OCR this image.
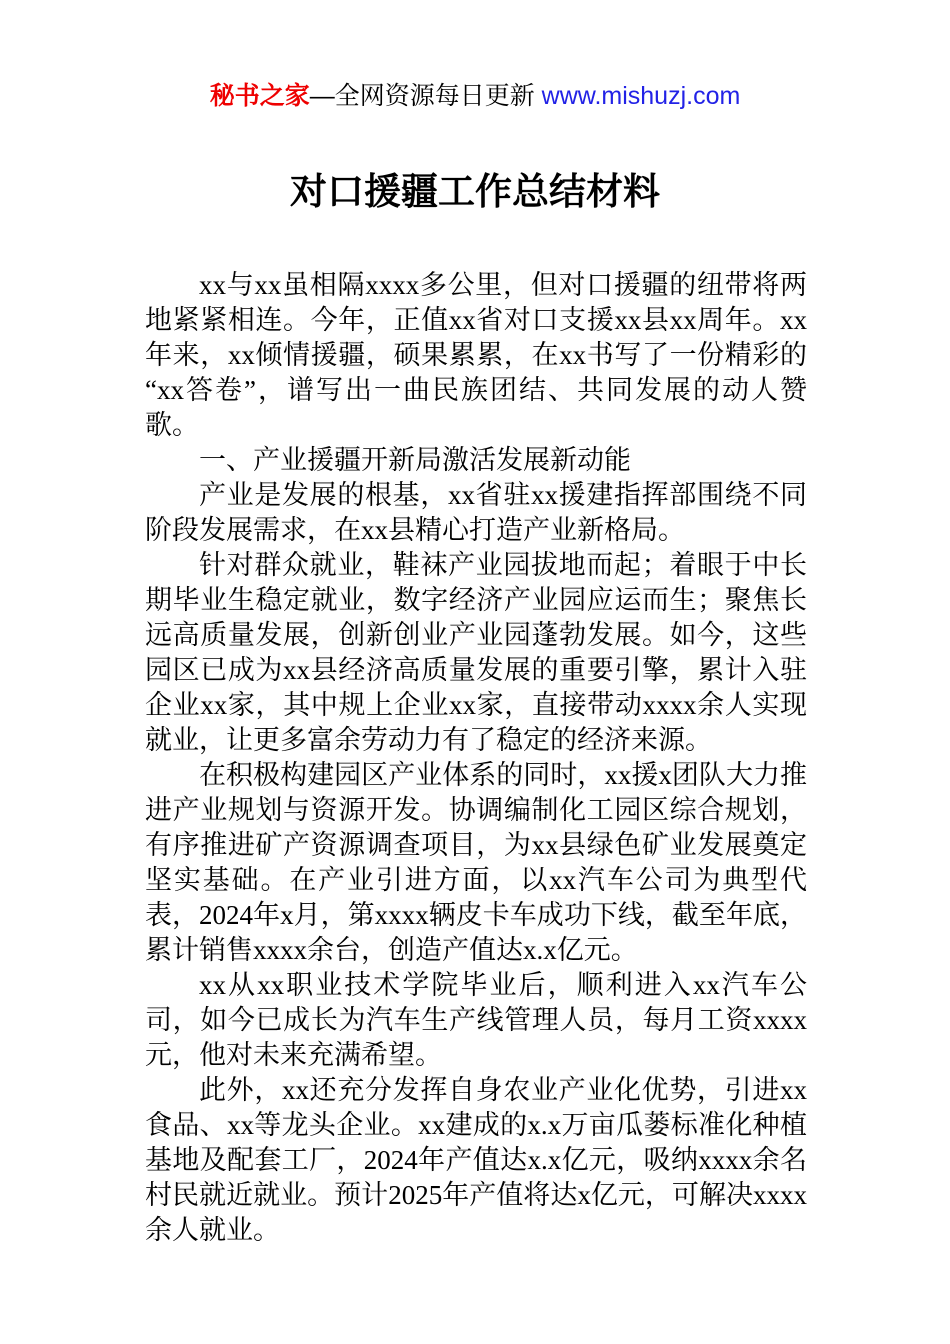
秘书之家—全网资源每日更新 www.mishuzj.com
对口援疆工作总结材料

xx与xx虽相隔xxxx多公里，但对口援疆的纽带将两地紧紧相连。今年，正值xx省对口支援xx县xx周年。xx年来，xx倾情援疆，硕果累累，在xx书写了一份精彩的“xx答卷”，谱写出一曲民族团结、共同发展的动人赞歌。

一、产业援疆开新局激活发展新动能

产业是发展的根基，xx省驻xx援建指挥部围绕不同阶段发展需求，在xx县精心打造产业新格局。

针对群众就业，鞋袜产业园拔地而起；着眼于中长期毕业生稳定就业，数字经济产业园应运而生；聚焦长远高质量发展，创新创业产业园蓬勃发展。如今，这些园区已成为xx县经济高质量发展的重要引擎，累计入驻企业xx家，其中规上企业xx家，直接带动xxxx余人实现就业，让更多富余劳动力有了稳定的经济来源。

在积极构建园区产业体系的同时，xx援x团队大力推进产业规划与资源开发。协调编制化工园区综合规划，有序推进矿产资源调查项目，为xx县绿色矿业发展奠定坚实基础。在产业引进方面，以xx汽车公司为典型代表，2024年x月，第xxxx辆皮卡车成功下线，截至年底，累计销售xxxx余台，创造产值达x.x亿元。

xx从xx职业技术学院毕业后，顺利进入xx汽车公司，如今已成长为汽车生产线管理人员，每月工资xxxx元，他对未来充满希望。

此外，xx还充分发挥自身农业产业化优势，引进xx食品、xx等龙头企业。xx建成的x.x万亩瓜蒌标准化种植基地及配套工厂，2024年产值达x.x亿元，吸纳xxxx余名村民就近就业。预计2025年产值将达x亿元，可解决xxxx余人就业。
